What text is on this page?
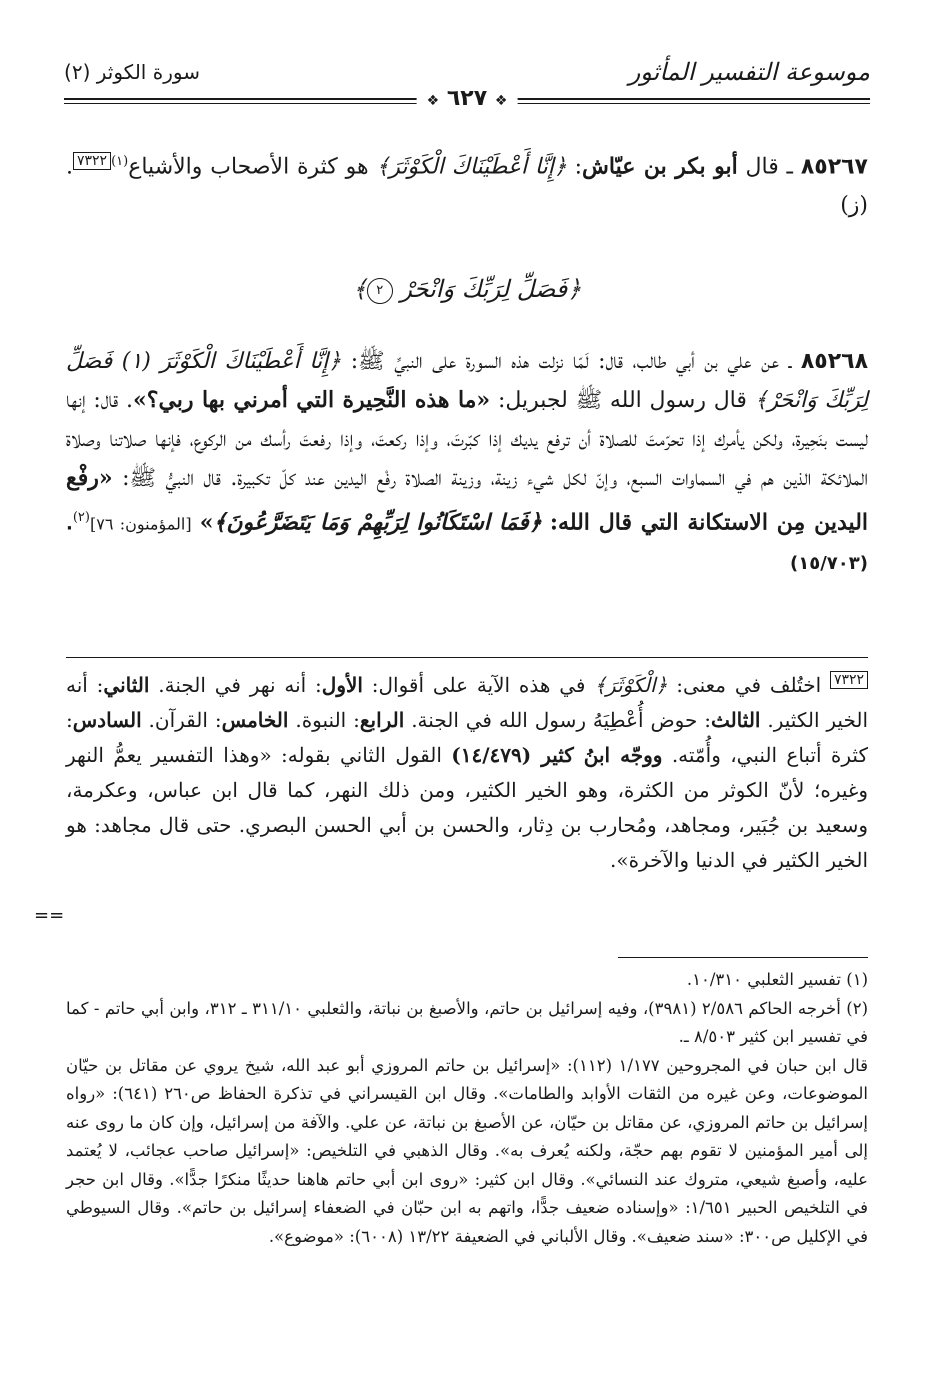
موسوعة التفسير المأثور
سورة الكوثر (٢)
❖ ٦٢٧ ❖
٨٥٢٦٧ ـ قال أبو بكر بن عيّاش: ﴿إِنَّا أَعْطَيْنَاكَ الْكَوْثَرَ﴾ هو كثرة الأصحاب والأشياع$^{(١)}$٧٣٢٢. (ز)
﴿فَصَلِّ لِرَبِّكَ وَانْحَرْ ٢﴾
٨٥٢٦٨ ـ عن علي بن أبي طالب، قال: لَمّا نزلت هذه السورة على النبيِّ ﷺ: ﴿إِنَّا أَعْطَيْنَاكَ الْكَوْثَرَ (١) فَصَلِّ لِرَبِّكَ وَانْحَرْ﴾ قال رسول الله ﷺ لجبريل: «ما هذه النَّحِيرة التي أمرني بها ربي؟». قال: إنها ليست بنَحِيرة، ولكن يأمرك إذا تحرّمتَ للصلاة أن ترفع يديك إذا كبّرتَ، وإذا ركعتَ، وإذا رفعتَ رأسك من الركوع، فإنها صلاتنا وصلاة الملائكة الذين هم في السماوات السبع، وإنّ لكل شيء زينة، وزينة الصلاة رفْع اليدين عند كلّ تكبيرة. قال النبيُّ ﷺ: «رفْع اليدين مِن الاستكانة التي قال الله: ﴿فَمَا اسْتَكَانُوا لِرَبِّهِمْ وَمَا يَتَضَرَّعُونَ﴾» [المؤمنون: ٧٦]$^{(٢)}$. (١٥/٧٠٣)
٧٣٢٢ اختُلف في معنى: ﴿الْكَوْثَرَ﴾ في هذه الآية على أقوال: الأول: أنه نهر في الجنة. الثاني: أنه الخير الكثير. الثالث: حوض أُعْطِيَهُ رسول الله في الجنة. الرابع: النبوة. الخامس: القرآن. السادس: كثرة أتباع النبي، وأُمّته. ووجّه ابنُ كثير (١٤/٤٧٩) القول الثاني بقوله: «وهذا التفسير يعمُّ النهر وغيره؛ لأنّ الكوثر من الكثرة، وهو الخير الكثير، ومن ذلك النهر، كما قال ابن عباس، وعكرمة، وسعيد بن جُبَير، ومجاهد، ومُحارب بن دِثار، والحسن بن أبي الحسن البصري. حتى قال مجاهد: هو الخير الكثير في الدنيا والآخرة».
==
(١) تفسير الثعلبي ١٠/٣١٠.
(٢) أخرجه الحاكم ٢/٥٨٦ (٣٩٨١)، وفيه إسرائيل بن حاتم، والأصبغ بن نباتة، والثعلبي ٣١١/١٠ ـ ٣١٢، وابن أبي حاتم - كما في تفسير ابن كثير ٨/٥٠٣ ـ.
قال ابن حبان في المجروحين ١/١٧٧ (١١٢): «إسرائيل بن حاتم المروزي أبو عبد الله، شيخ يروي عن مقاتل بن حيّان الموضوعات، وعن غيره من الثقات الأوابد والطامات». وقال ابن القيسراني في تذكرة الحفاظ ص٢٦٠ (٦٤١): «رواه إسرائيل بن حاتم المروزي، عن مقاتل بن حيّان، عن الأصبغ بن نباتة، عن علي. والآفة من إسرائيل، وإن كان ما روى عنه إلى أمير المؤمنين لا تقوم بهم حجّة، ولكنه يُعرف به». وقال الذهبي في التلخيص: «إسرائيل صاحب عجائب، لا يُعتمد عليه، وأصبغ شيعي، متروك عند النسائي». وقال ابن كثير: «روى ابن أبي حاتم هاهنا حديثًا منكرًا جدًّا». وقال ابن حجر في التلخيص الحبير ١/٦٥١: «وإسناده ضعيف جدًّا، واتهم به ابن حبّان في الضعفاء إسرائيل بن حاتم». وقال السيوطي في الإكليل ص٣٠٠: «سند ضعيف». وقال الألباني في الضعيفة ١٣/٢٢ (٦٠٠٨): «موضوع».
